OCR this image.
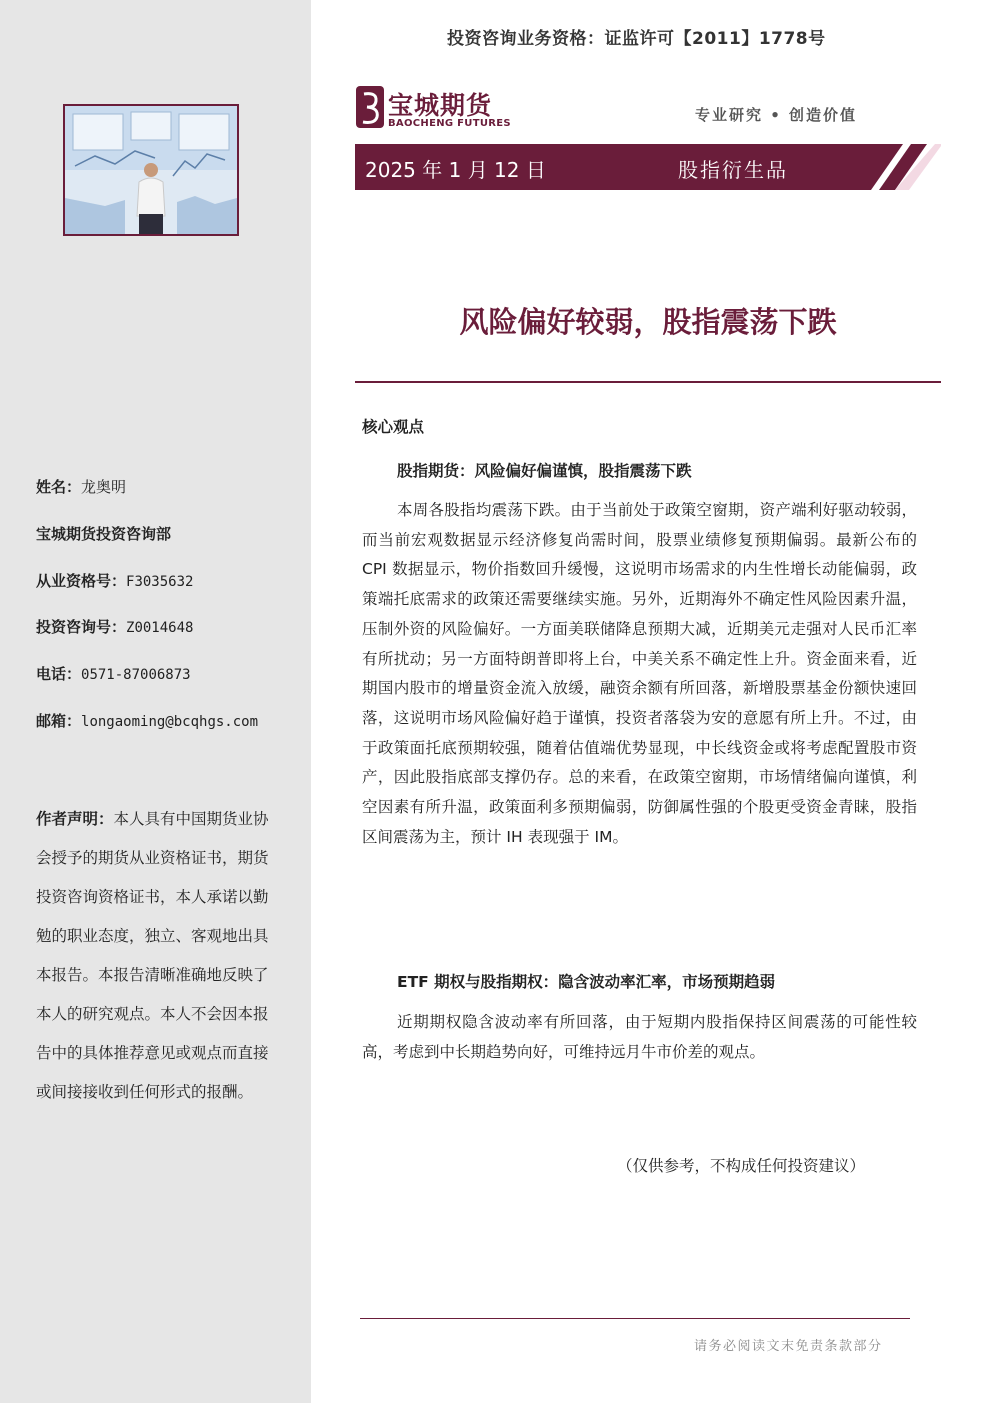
姓名：龙奥明
宝城期货投资咨询部
从业资格号：F3035632
投资咨询号：Z0014648
电话：0571-87006873
邮箱：longaoming@bcqhgs.com
作者声明：本人具有中国期货业协会授予的期货从业资格证书，期货投资咨询资格证书，本人承诺以勤勉的职业态度，独立、客观地出具本报告。本报告清晰准确地反映了本人的研究观点。本人不会因本报告中的具体推荐意见或观点而直接或间接接收到任何形式的报酬。
投资咨询业务资格：证监许可【2011】1778号
宝城期货
BAOCHENG FUTURES	专业研究 • 创造价值
2025 年 1 月 12 日	股指衍生品
风险偏好较弱，股指震荡下跌
核心观点
股指期货：风险偏好偏谨慎，股指震荡下跌

本周各股指均震荡下跌。由于当前处于政策空窗期，资产端利好驱动较弱，而当前宏观数据显示经济修复尚需时间，股票业绩修复预期偏弱。最新公布的 CPI 数据显示，物价指数回升缓慢，这说明市场需求的内生性增长动能偏弱，政策端托底需求的政策还需要继续实施。另外，近期海外不确定性风险因素升温，压制外资的风险偏好。一方面美联储降息预期大减，近期美元走强对人民币汇率有所扰动；另一方面特朗普即将上台，中美关系不确定性上升。资金面来看，近期国内股市的增量资金流入放缓，融资余额有所回落，新增股票基金份额快速回落，这说明市场风险偏好趋于谨慎，投资者落袋为安的意愿有所上升。不过，由于政策面托底预期较强，随着估值端优势显现，中长线资金或将考虑配置股市资产，因此股指底部支撑仍存。总的来看，在政策空窗期，市场情绪偏向谨慎，利空因素有所升温，政策面利多预期偏弱，防御属性强的个股更受资金青睐，股指区间震荡为主，预计 IH 表现强于 IM。

ETF 期权与股指期权：隐含波动率汇率，市场预期趋弱

近期期权隐含波动率有所回落，由于短期内股指保持区间震荡的可能性较高，考虑到中长期趋势向好，可维持远月牛市价差的观点。

（仅供参考，不构成任何投资建议）
请务必阅读文末免责条款部分
